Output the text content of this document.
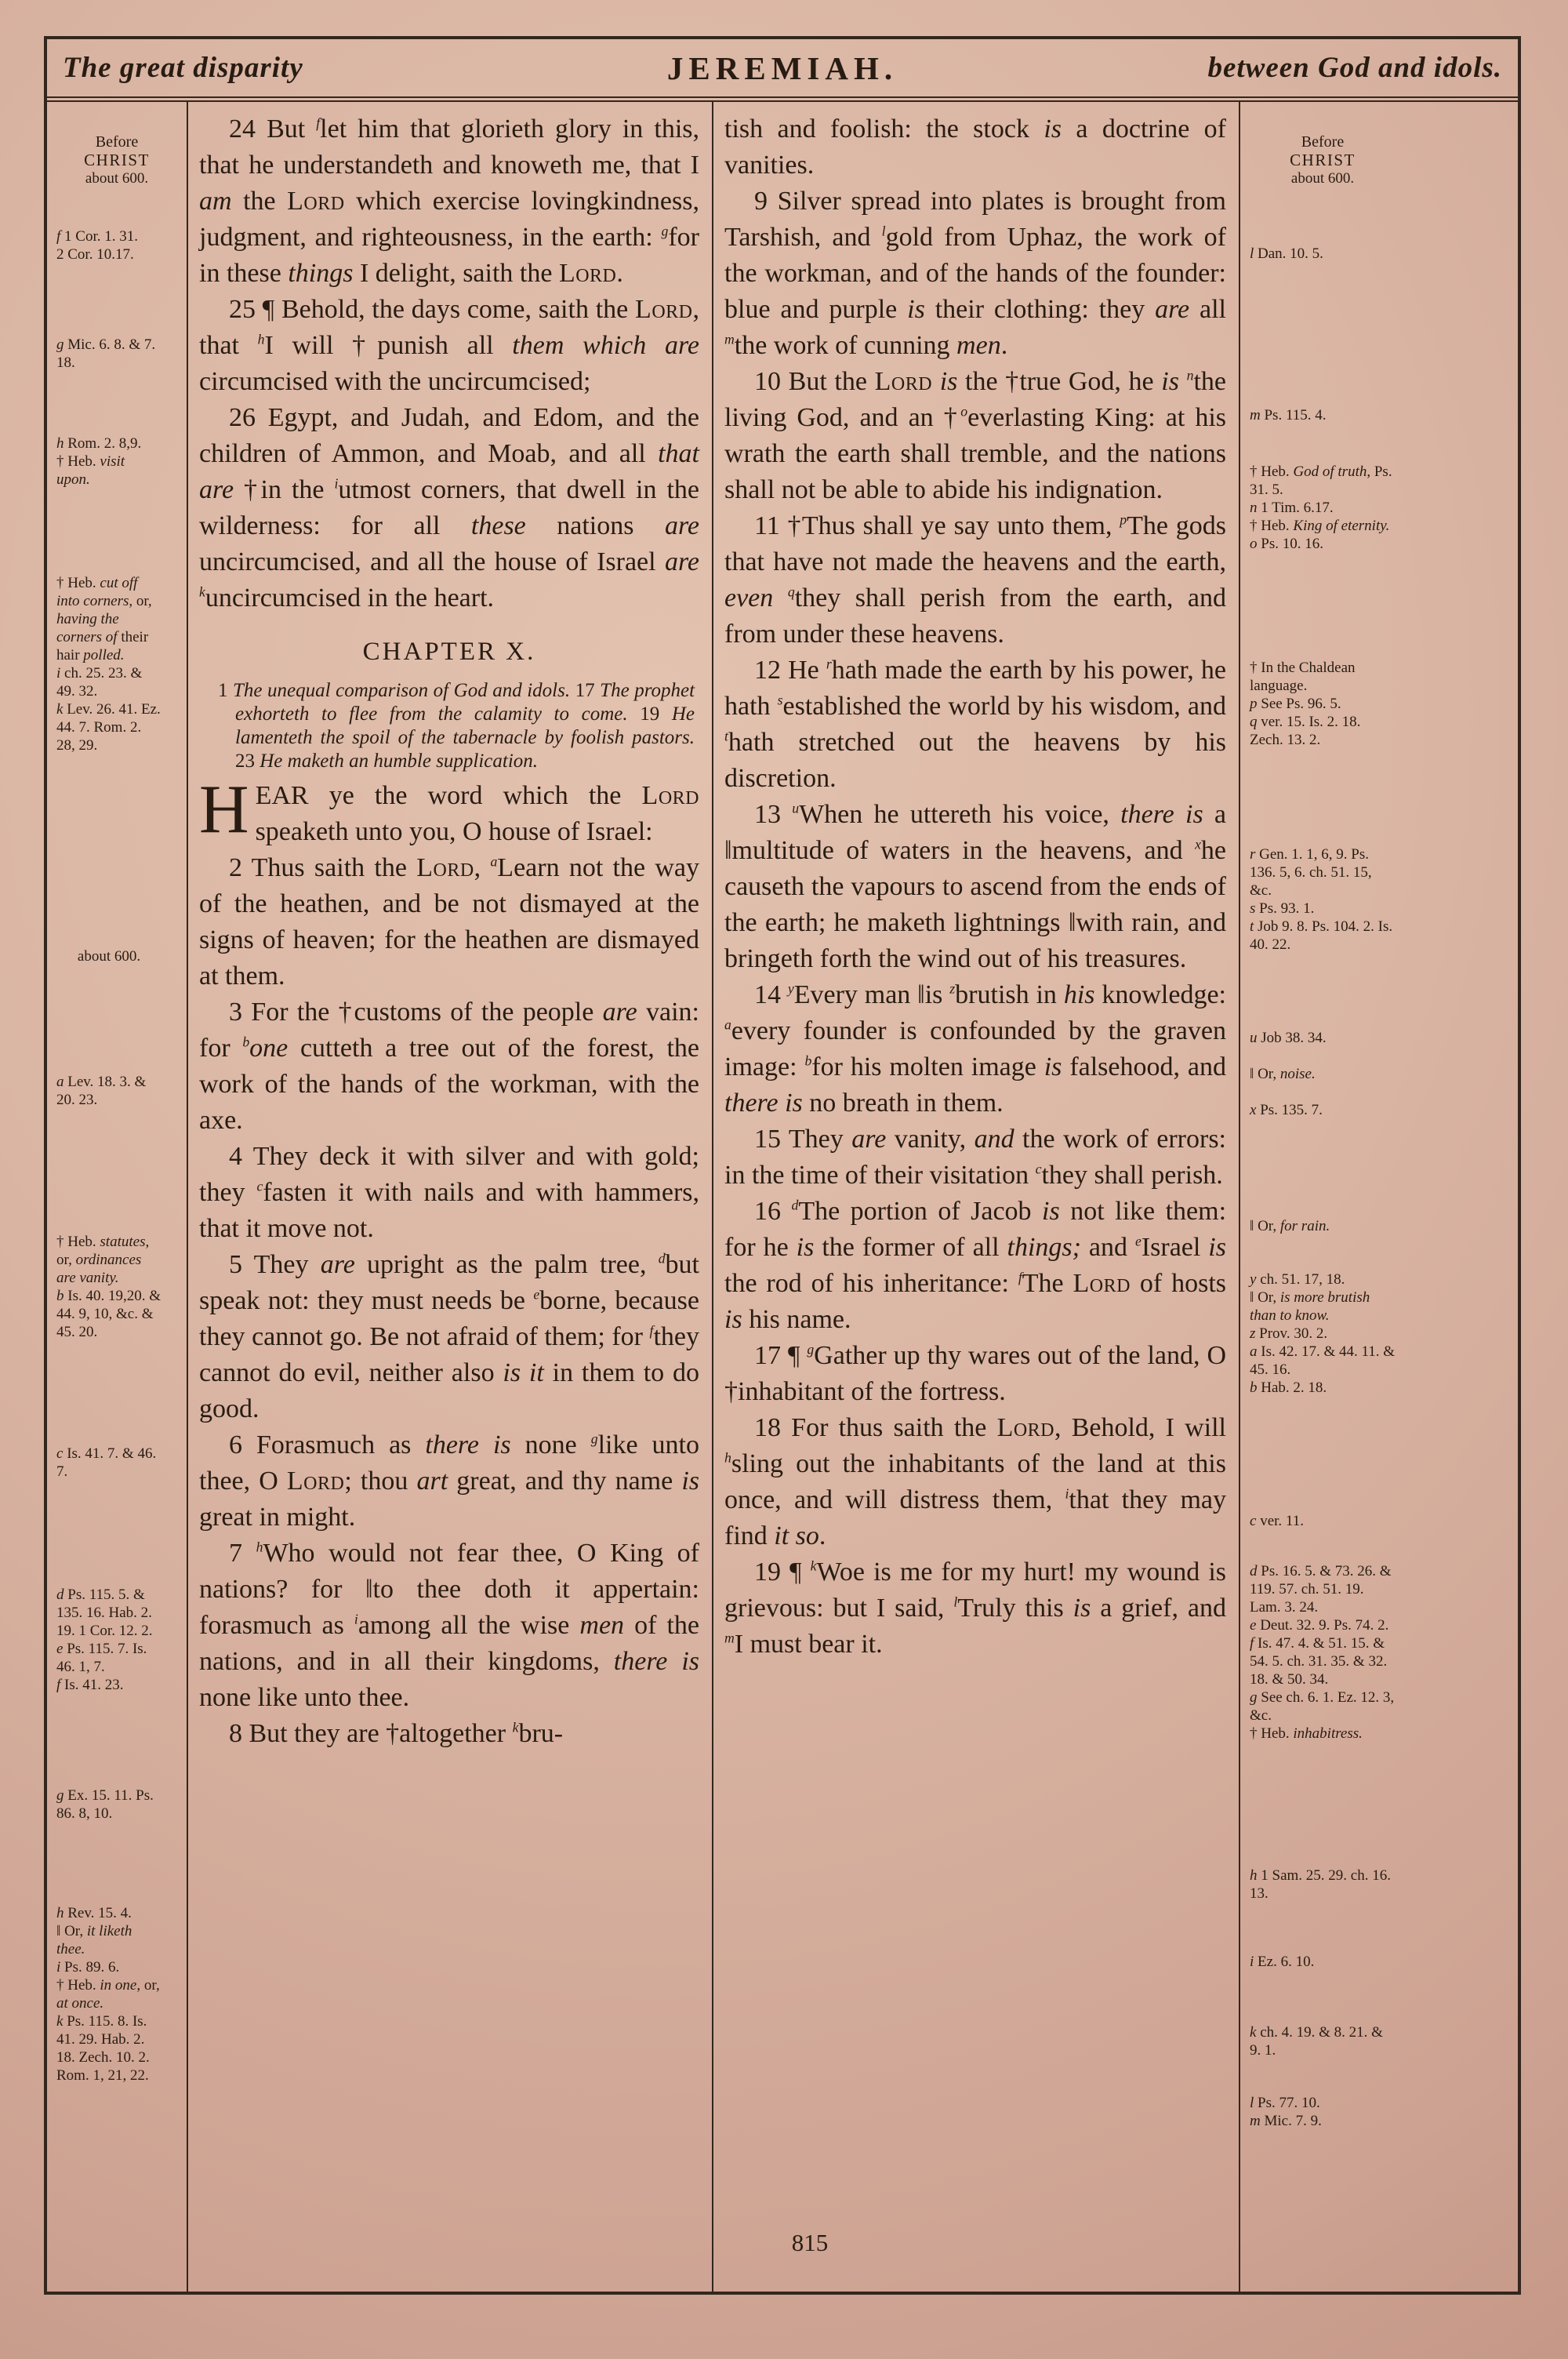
The great disparity	JEREMIAH.	between God and idols.
Before
CHRIST
about 600.
f 1 Cor. 1. 31.
2 Cor. 10.17.
g Mic. 6. 8. & 7. 18.
h Rom. 2. 8,9.
† Heb. visit upon.
† Heb. cut off into corners, or, having the corners of their hair polled.
i ch. 25. 23. & 49. 32.
k Lev. 26. 41. Ez. 44. 7. Rom. 2. 28, 29.
about 600.
a Lev. 18. 3. & 20. 23.
† Heb. statutes, or, ordinances are vanity.
b Is. 40. 19,20. & 44. 9, 10, &c. & 45. 20.
c Is. 41. 7. & 46. 7.
d Ps. 115. 5. & 135. 16. Hab. 2. 19. 1 Cor. 12. 2.
e Ps. 115. 7. Is. 46. 1, 7.
f Is. 41. 23.
g Ex. 15. 11. Ps. 86. 8, 10.
h Rev. 15. 4.
‖ Or, it liketh thee.
i Ps. 89. 6.
† Heb. in one, or, at once.
k Ps. 115. 8. Is. 41. 29. Hab. 2. 18. Zech. 10. 2. Rom. 1, 21, 22.

24 But $^f$let him that glorieth glory in this, that he understandeth and knoweth me, that I am the Lord which exercise lovingkindness, judgment, and righteousness, in the earth: $^g$for in these things I delight, saith the Lord.

25 ¶ Behold, the days come, saith the Lord, that $^h$I will †punish all them which are circumcised with the uncircumcised;

26 Egypt, and Judah, and Edom, and the children of Ammon, and Moab, and all that are †in the $^i$utmost corners, that dwell in the wilderness: for all these nations are uncircumcised, and all the house of Israel are $^k$uncircumcised in the heart.

CHAPTER X.

1 The unequal comparison of God and idols. 17 The prophet exhorteth to flee from the calamity to come. 19 He lamenteth the spoil of the tabernacle by foolish pastors. 23 He maketh an humble supplication.

HEAR ye the word which the Lord speaketh unto you, O house of Israel:

2 Thus saith the Lord, $^a$Learn not the way of the heathen, and be not dismayed at the signs of heaven; for the heathen are dismayed at them.

3 For the †customs of the people are vain: for $^b$one cutteth a tree out of the forest, the work of the hands of the workman, with the axe.

4 They deck it with silver and with gold; they $^c$fasten it with nails and with hammers, that it move not.

5 They are upright as the palm tree, $^d$but speak not: they must needs be $^e$borne, because they cannot go. Be not afraid of them; for $^f$they cannot do evil, neither also is it in them to do good.

6 Forasmuch as there is none $^g$like unto thee, O Lord; thou art great, and thy name is great in might.

7 $^h$Who would not fear thee, O King of nations? for ‖to thee doth it appertain: forasmuch as $^i$among all the wise men of the nations, and in all their kingdoms, there is none like unto thee.

8 But they are †altogether $^k$bru-

tish and foolish: the stock is a doctrine of vanities.

9 Silver spread into plates is brought from Tarshish, and $^l$gold from Uphaz, the work of the workman, and of the hands of the founder: blue and purple is their clothing: they are all $^m$the work of cunning men.

10 But the Lord is the †true God, he is $^n$the living God, and an †$^o$everlasting King: at his wrath the earth shall tremble, and the nations shall not be able to abide his indignation.

11 †Thus shall ye say unto them, $^p$The gods that have not made the heavens and the earth, even $^q$they shall perish from the earth, and from under these heavens.

12 He $^r$hath made the earth by his power, he hath $^s$established the world by his wisdom, and $^t$hath stretched out the heavens by his discretion.

13 $^u$When he uttereth his voice, there is a ‖multitude of waters in the heavens, and $^x$he causeth the vapours to ascend from the ends of the earth; he maketh lightnings ‖with rain, and bringeth forth the wind out of his treasures.

14 $^y$Every man ‖is $^z$brutish in his knowledge: $^a$every founder is confounded by the graven image: $^b$for his molten image is falsehood, and there is no breath in them.

15 They are vanity, and the work of errors: in the time of their visitation $^c$they shall perish.

16 $^d$The portion of Jacob is not like them: for he is the former of all things; and $^e$Israel is the rod of his inheritance: $^f$The Lord of hosts is his name.

17 ¶ $^g$Gather up thy wares out of the land, O †inhabitant of the fortress.

18 For thus saith the Lord, Behold, I will $^h$sling out the inhabitants of the land at this once, and will distress them, $^i$that they may find it so.

19 ¶ $^k$Woe is me for my hurt! my wound is grievous: but I said, $^l$Truly this is a grief, and $^m$I must bear it.

Before
CHRIST
about 600.
l Dan. 10. 5.
m Ps. 115. 4.
† Heb. God of truth, Ps. 31. 5.
n 1 Tim. 6.17.
† Heb. King of eternity.
o Ps. 10. 16.
† In the Chaldean language.
p See Ps. 96. 5.
q ver. 15. Is. 2. 18. Zech. 13. 2.
r Gen. 1. 1, 6, 9. Ps. 136. 5, 6. ch. 51. 15, &c.
s Ps. 93. 1.
t Job 9. 8. Ps. 104. 2. Is. 40. 22.
u Job 38. 34.
‖ Or, noise.
x Ps. 135. 7.
‖ Or, for rain.
y ch. 51. 17, 18.
‖ Or, is more brutish than to know.
z Prov. 30. 2.
a Is. 42. 17. & 44. 11. & 45. 16.
b Hab. 2. 18.
c ver. 11.
d Ps. 16. 5. & 73. 26. & 119. 57. ch. 51. 19. Lam. 3. 24.
e Deut. 32. 9. Ps. 74. 2.
f Is. 47. 4. & 51. 15. & 54. 5. ch. 31. 35. & 32. 18. & 50. 34.
g See ch. 6. 1. Ez. 12. 3, &c.
† Heb. inhabitress.
h 1 Sam. 25. 29. ch. 16. 13.
i Ez. 6. 10.
k ch. 4. 19. & 8. 21. & 9. 1.
l Ps. 77. 10.
m Mic. 7. 9.
815
